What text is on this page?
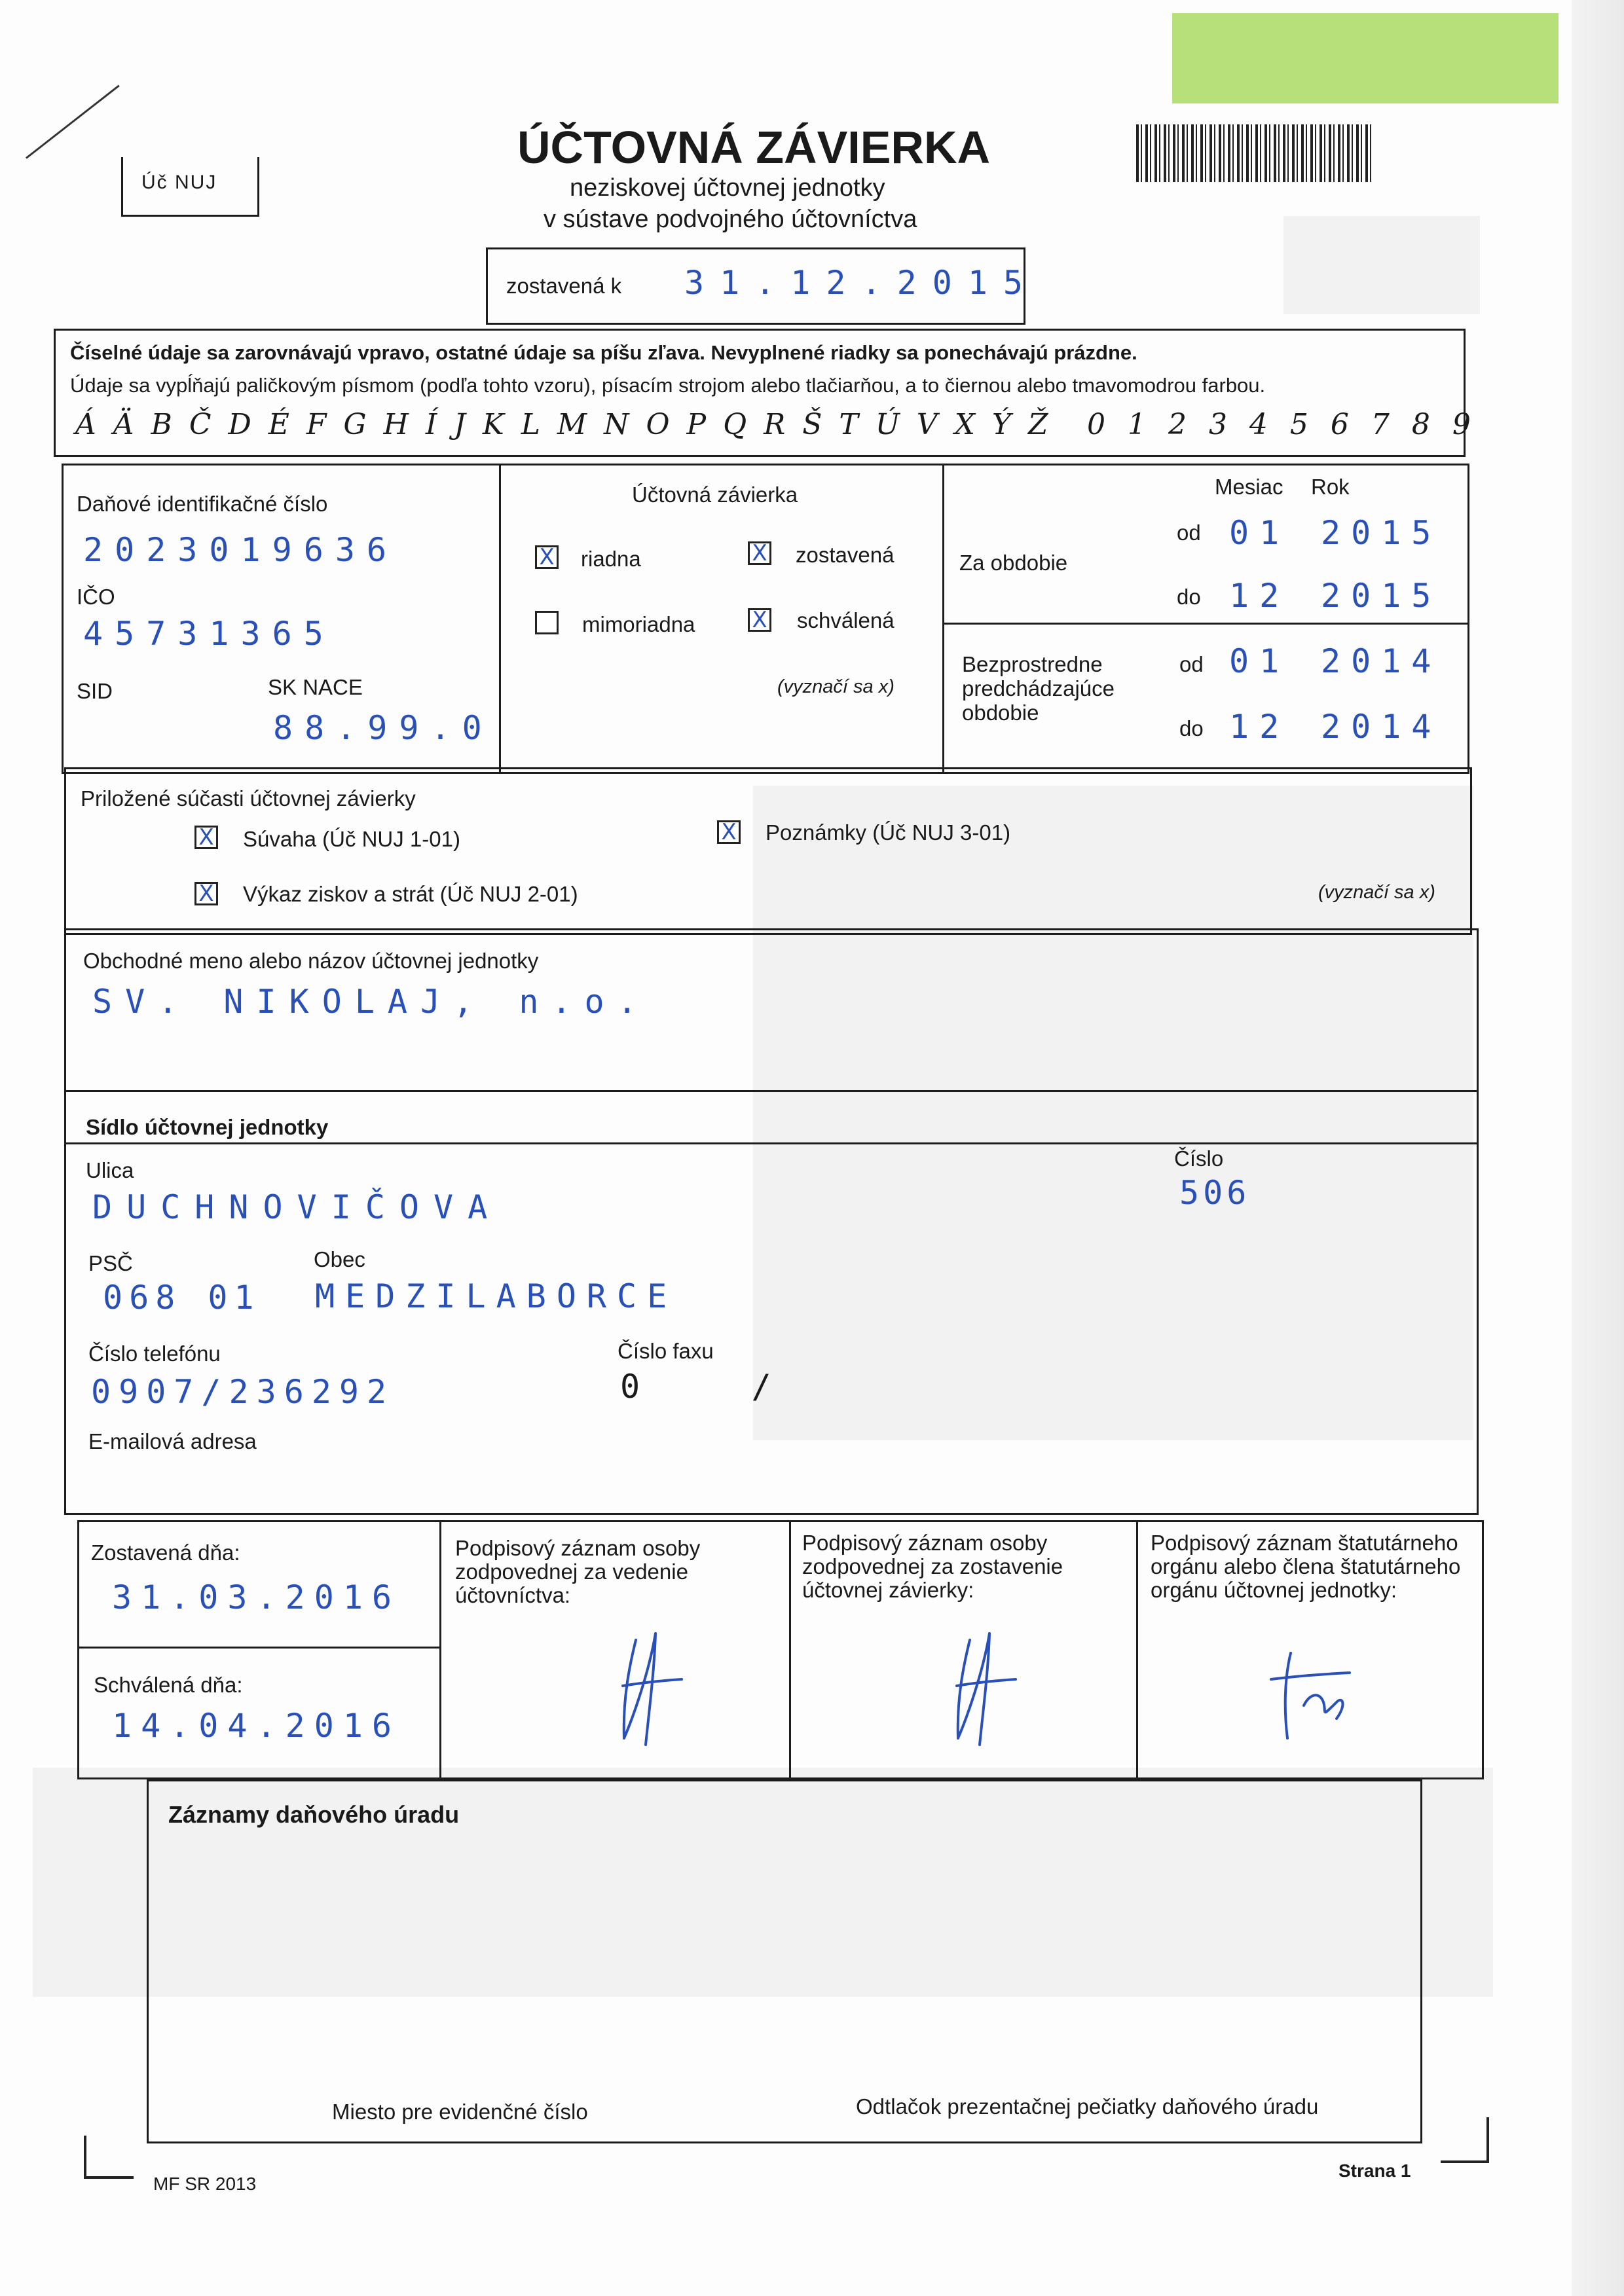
Úč NUJ
ÚČTOVNÁ ZÁVIERKA
neziskovej účtovnej jednotky
v sústave podvojného účtovníctva
zostavená k 31.12.2015
Číselné údaje sa zarovnávajú vpravo, ostatné údaje sa píšu zľava. Nevyplnené riadky sa ponechávajú prázdne.
Údaje sa vypĺňajú paličkovým písmom (podľa tohto vzoru), písacím strojom alebo tlačiarňou, a to čiernou alebo tmavomodrou farbou.
Á Ä B Č D É F G H Í J K L M N O P Q R Š T Ú V X Ý Ž 0 1 2 3 4 5 6 7 8 9
Daňové identifikačné číslo
2023019636
IČO
45731365
SID	SK NACE
88.99.0
Účtovná závierka
X riadna	X zostavená
mimoriadna	X schválená
(vyznačí sa x)
Mesiac Rok
Za obdobie
od 01 2015
do 12 2015
Bezprostredne
predchádzajúce
obdobie
od 01 2014
do 12 2014
Priložené súčasti účtovnej závierky
X Súvaha (Úč NUJ 1-01)	X Poznámky (Úč NUJ 3-01)
X Výkaz ziskov a strát (Úč NUJ 2-01)	(vyznačí sa x)
Obchodné meno alebo názov účtovnej jednotky
SV. NIKOLAJ, n.o.
Sídlo účtovnej jednotky
Ulica
DUCHNOVIČOVA
Číslo
506
PSČ
068 01
Obec
MEDZILABORCE
Číslo telefónu
0907/236292
Číslo faxu
0    /
E-mailová adresa
Zostavená dňa:
31.03.2016
Schválená dňa:
14.04.2016
Podpisový záznam osoby zodpovednej za vedenie účtovníctva:
Podpisový záznam osoby zodpovednej za zostavenie účtovnej závierky:
Podpisový záznam štatutárneho orgánu alebo člena štatutárneho orgánu účtovnej jednotky:
Záznamy daňového úradu
Miesto pre evidenčné číslo	Odtlačok prezentačnej pečiatky daňového úradu
MF SR 2013
Strana 1
